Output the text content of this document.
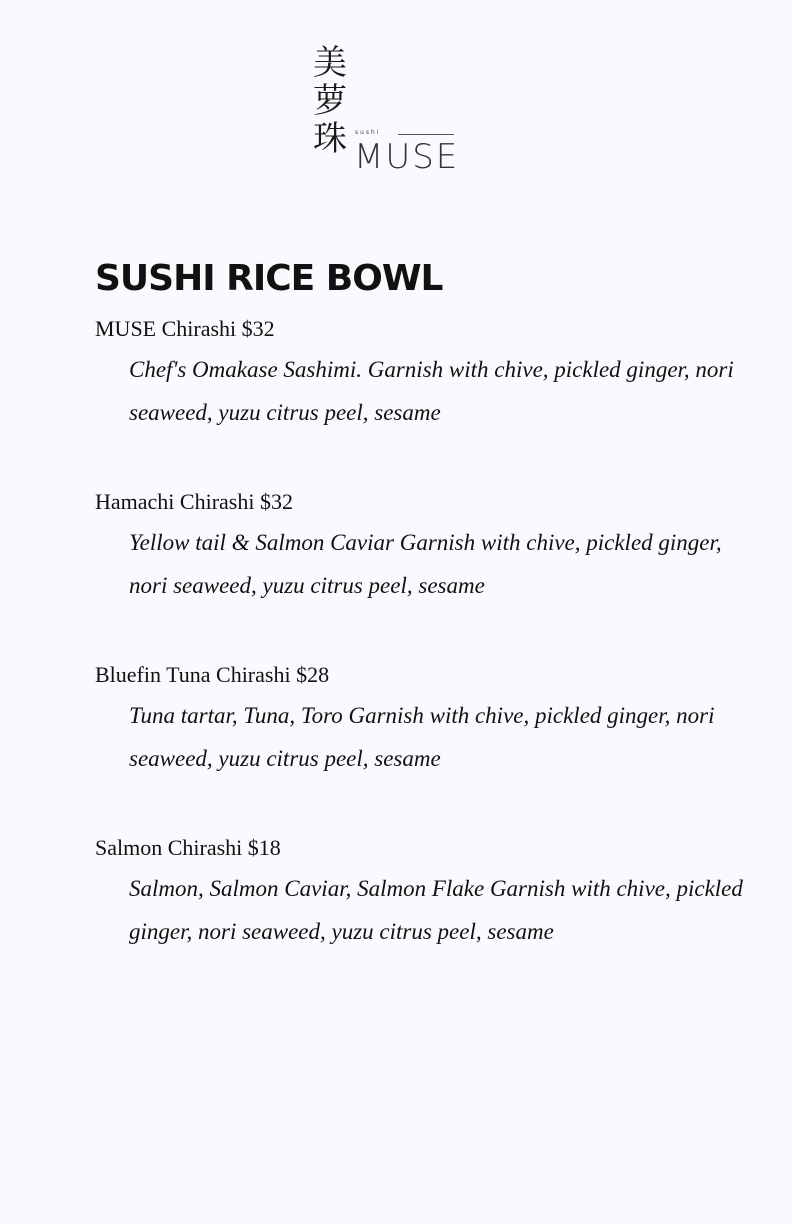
美
萝
珠 sushi
MUSE
SUSHI RICE BOWL
MUSE Chirashi $32
Chef's Omakase Sashimi. Garnish with chive, pickled ginger, nori seaweed, yuzu citrus peel, sesame
Hamachi Chirashi $32
Yellow tail & Salmon Caviar Garnish with chive, pickled ginger, nori seaweed, yuzu citrus peel, sesame
Bluefin Tuna Chirashi $28
Tuna tartar, Tuna, Toro Garnish with chive, pickled ginger, nori seaweed, yuzu citrus peel, sesame
Salmon Chirashi $18
Salmon, Salmon Caviar, Salmon Flake Garnish with chive, pickled ginger, nori seaweed, yuzu citrus peel, sesame
